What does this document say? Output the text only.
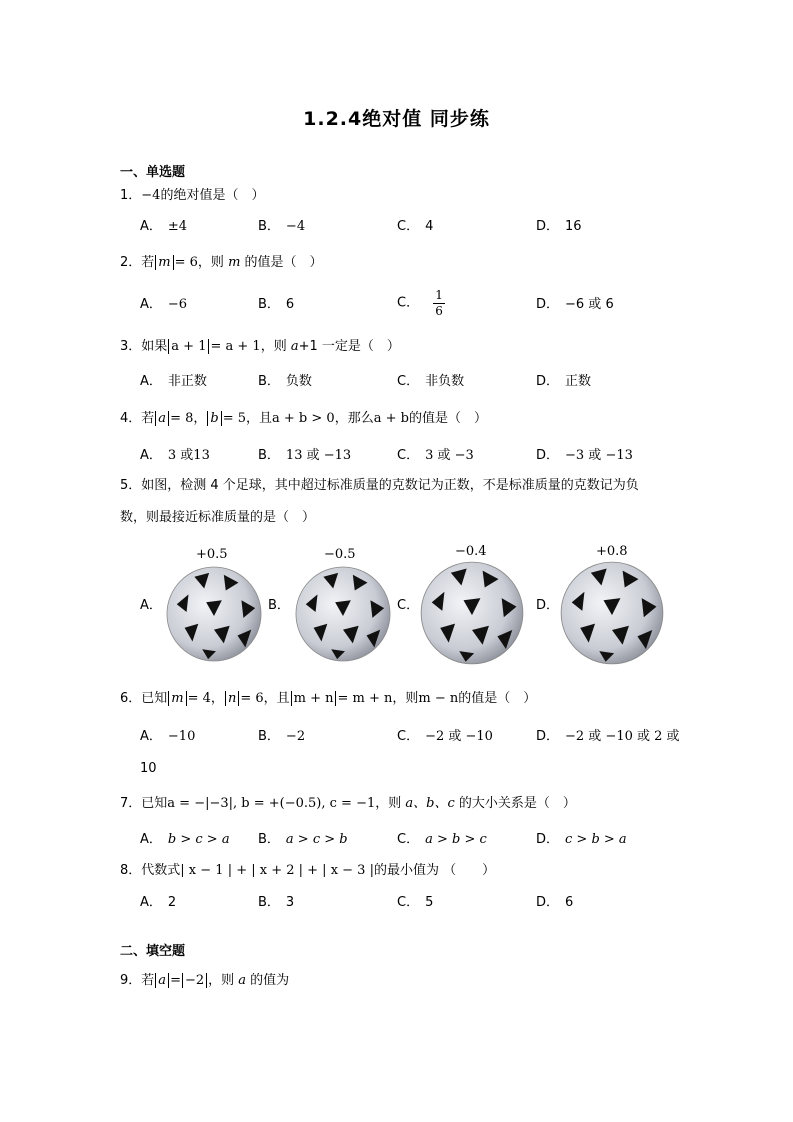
1.2.4绝对值 同步练
一、单选题
1．−4的绝对值是（　）
A． ±4	B． −4	C． 4	D． 16
2．若 m = 6，则 m 的值是（　）
A． −6	B． 6	C． $\frac{1}{6}$	D． −6 或 6
3．如果 a + 1 = a + 1，则 a+1 一定是（　）
A． 非正数	B． 负数	C． 非负数	D． 正数
4．若 a = 8， b = 5，且a + b > 0，那么a + b的值是（　）
A． 3 或13	B． 13 或 −13	C． 3 或 −3	D． −3 或 −13
5．如图，检测 4 个足球，其中超过标准质量的克数记为正数，不是标准质量的克数记为负
数，则最接近标准质量的是（　）
+0.5	−0.5	−0.4	+0.8
A．	B．	C．	D．
6．已知 m = 4， n = 6，且 m + n = m + n，则m − n的值是（　）
A． −10	B． −2	C． −2 或 −10	D． −2 或 −10 或 2 或
10
7．已知a = −|−3|, b = +(−0.5), c = −1，则 a、b、c 的大小关系是（　）
A． b > c > a B． a > c > b	C． a > b > c	D． c > b > a
8．代数式| x − 1 | + | x + 2 | + | x − 3 |的最小值为 （　　）
A． 2	B． 3	C． 5	D． 6
二、填空题
9．若 a = −2 ，则 a 的值为
